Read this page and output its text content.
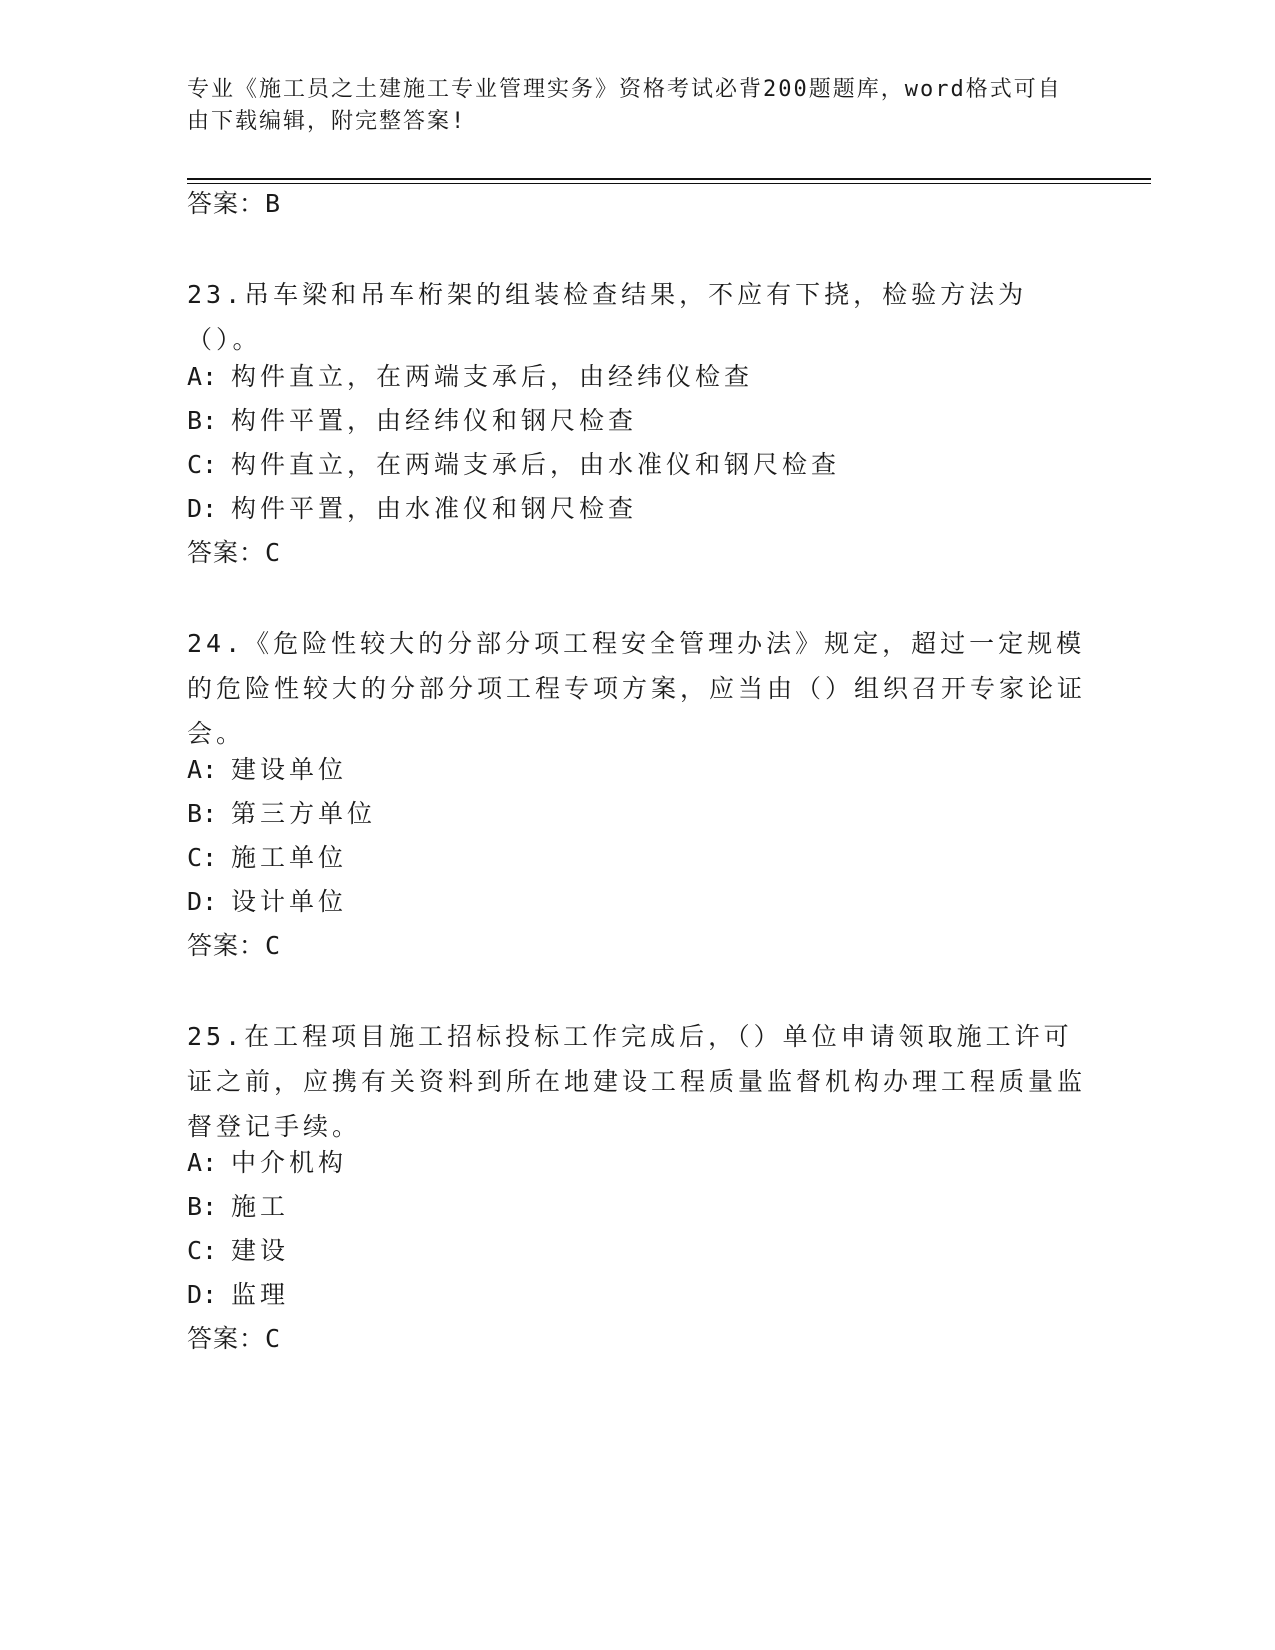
专业《施工员之土建施工专业管理实务》资格考试必背200题题库，word格式可自由下载编辑，附完整答案!

答案：B

23.吊车梁和吊车桁架的组装检查结果，不应有下挠，检验方法为（）。

A: 构件直立，在两端支承后，由经纬仪检查

B: 构件平置，由经纬仪和钢尺检查

C: 构件直立，在两端支承后，由水准仪和钢尺检查

D: 构件平置，由水准仪和钢尺检查

答案：C

24.《危险性较大的分部分项工程安全管理办法》规定，超过一定规模的危险性较大的分部分项工程专项方案，应当由（）组织召开专家论证会。

A: 建设单位

B: 第三方单位

C: 施工单位

D: 设计单位

答案：C

25.在工程项目施工招标投标工作完成后，（）单位申请领取施工许可证之前，应携有关资料到所在地建设工程质量监督机构办理工程质量监督登记手续。

A: 中介机构

B: 施工

C: 建设

D: 监理

答案：C
